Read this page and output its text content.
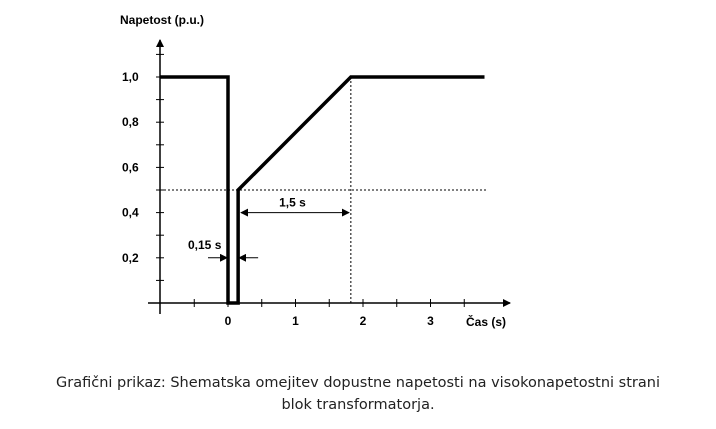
0,2
0,4
0,6
0,8
1,0
0	1	2	3
0,15 s
1,5 s
Napetost (p.u.)
Čas (s)
Grafični prikaz: Shematska omejitev dopustne napetosti na visokonapetostni strani
blok transformatorja.
